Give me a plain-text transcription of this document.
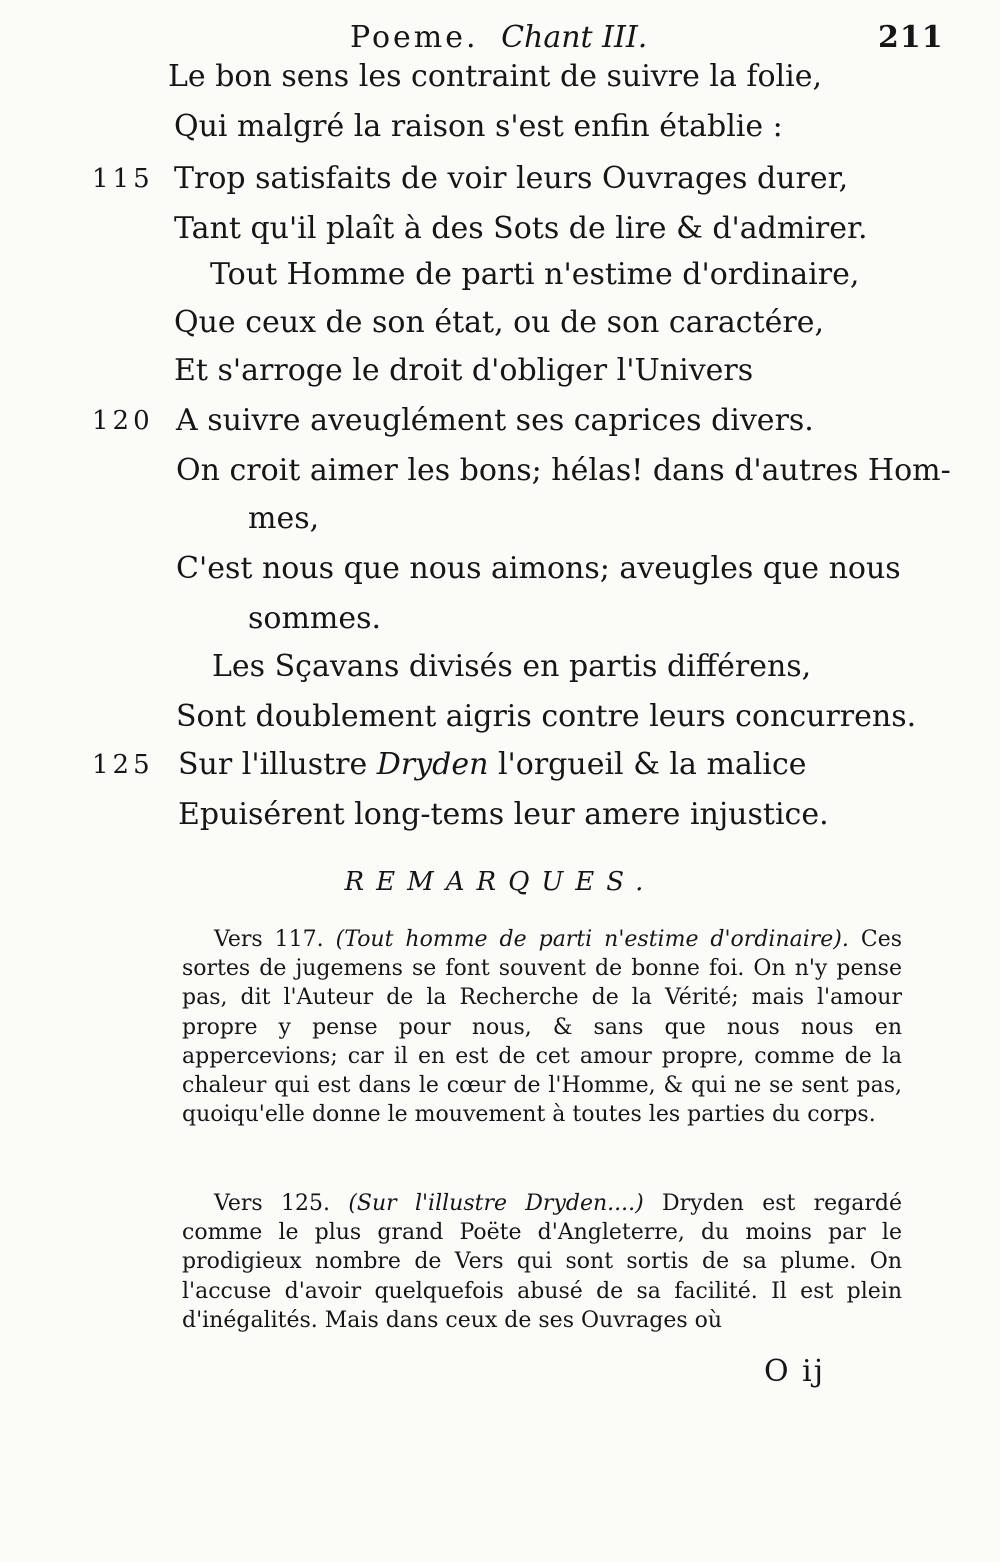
Poeme. Chant III.	211
Le bon sens les contraint de suivre la folie,
Qui malgré la raison s'est enfin établie :
115 Trop satisfaits de voir leurs Ouvrages durer,
Tant qu'il plaît à des Sots de lire & d'admirer.
Tout Homme de parti n'estime d'ordinaire,
Que ceux de son état, ou de son caractére,
Et s'arroge le droit d'obliger l'Univers
120 A suivre aveuglément ses caprices divers.
On croit aimer les bons; hélas! dans d'autres Hom-
mes,
C'est nous que nous aimons; aveugles que nous
sommes.
Les Sçavans divisés en partis différens,
Sont doublement aigris contre leurs concurrens.
125 Sur l'illustre Dryden l'orgueil & la malice
Epuisérent long-tems leur amere injustice.
REMARQUES.

Vers 117. (Tout homme de parti n'estime d'ordinaire). Ces sortes de jugemens se font souvent de bonne foi. On n'y pense pas, dit l'Auteur de la Recherche de la Vérité; mais l'amour propre y pense pour nous, & sans que nous nous en appercevions; car il en est de cet amour propre, comme de la chaleur qui est dans le cœur de l'Homme, & qui ne se sent pas, quoiqu'elle donne le mouvement à toutes les parties du corps.

Vers 125. (Sur l'illustre Dryden....) Dryden est regardé comme le plus grand Poëte d'Angleterre, du moins par le prodigieux nombre de Vers qui sont sortis de sa plume. On l'accuse d'avoir quelquefois abusé de sa facilité. Il est plein d'inégalités. Mais dans ceux de ses Ouvrages où

O ij
